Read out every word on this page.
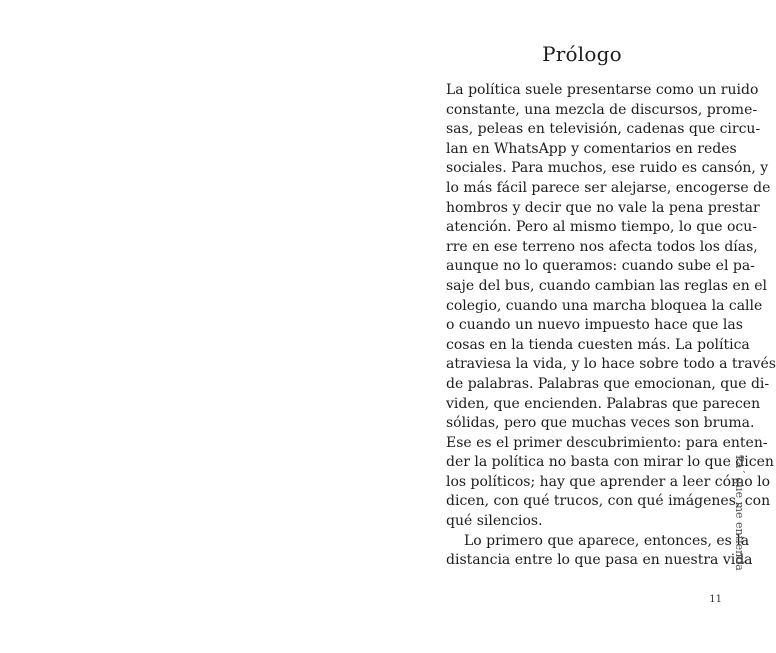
Prólogo
La política suele presentarse como un ruido
constante, una mezcla de discursos, prome-
sas, peleas en televisión, cadenas que circu-
lan en WhatsApp y comentarios en redes
sociales. Para muchos, ese ruido es cansón, y
lo más fácil parece ser alejarse, encogerse de
hombros y decir que no vale la pena prestar
atención. Pero al mismo tiempo, lo que ocu-
rre en ese terreno nos afecta todos los días,
aunque no lo queramos: cuando sube el pa-
saje del bus, cuando cambian las reglas en el
colegio, cuando una marcha bloquea la calle
o cuando un nuevo impuesto hace que las
cosas en la tienda cuesten más. La política
atraviesa la vida, y lo hace sobre todo a través
de palabras. Palabras que emocionan, que di-
viden, que encienden. Palabras que parecen
sólidas, pero que muchas veces son bruma.
Ese es el primer descubrimiento: para enten-
der la política no basta con mirar lo que dicen
los políticos; hay que aprender a leer cómo lo
dicen, con qué trucos, con qué imágenes, con
qué silencios.
Lo primero que aparece, entonces, es la
distancia entre lo que pasa en nuestra vida
Pa´ que me entienda
11
